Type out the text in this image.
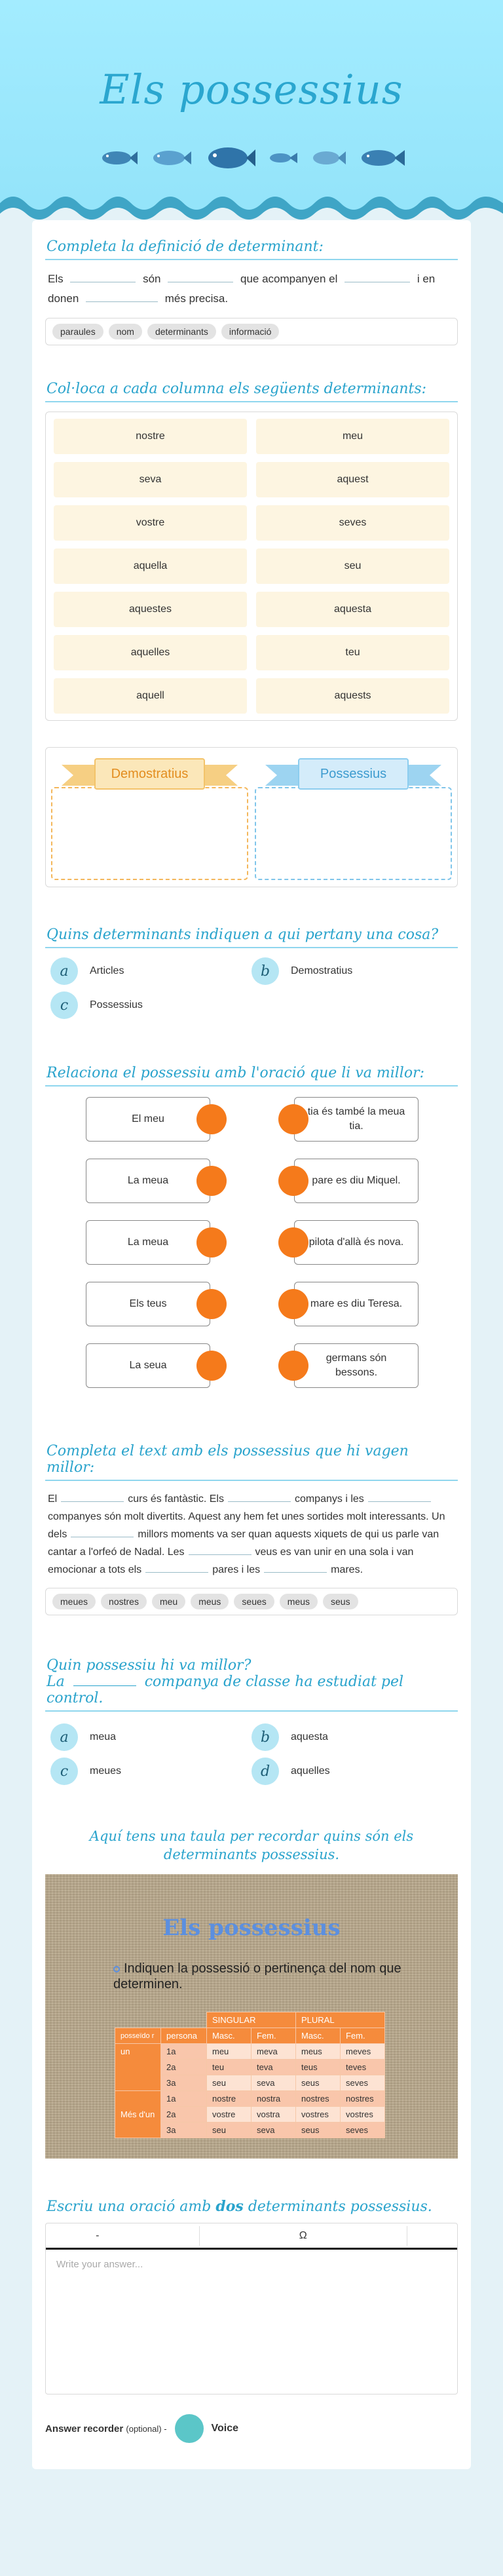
Els possessius
Completa la definició de determinant:
Els	són	que acompanyen el	i en donen	més precisa.
paraules	nom	determinants	informació
Col·loca a cada columna els següents determinants:
nostre	meu
seva	aquest
vostre	seves
aquella	seu
aquestes	aquesta
aquelles	teu
aquell	aquests
Demostratius	Possessius
Quins determinants indiquen a qui pertany una cosa?
a	Articles	b	Demostratius
c	Possessius
Relaciona el possessiu amb l'oració que li va millor:
El meu
La meua
La meua
Els teus
La seua
tia és també la meua tia.
pare es diu Miquel.
pilota d'allà és nova.
mare es diu Teresa.
germans són bessons.
Completa el text amb els possessius que hi vagen millor:
El	curs és fantàstic. Els	companys i lescompanyes són molt divertits. Aquest any hem fet unes sortides molt interessants. Un dels	millors moments va ser quan aquests xiquets de qui us parle van cantar a l'orfeó de Nadal. Les	veus es van unir en una sola i van emocionar a tots els	pares i les	mares.
meues	nostres	meu	meus	seues	meus	seus
Quin possessiu hi va millor?
La	companya de classe ha estudiat pel control.
a	meua	b	aquesta
c	meues	d	aquelles
Aquí tens una taula per recordar quins són els determinants possessius.
Els possessius
Indiquen la possessió o pertinença del nom que determinen.
		SINGULAR		PLURAL	
posseïdo r	persona	Masc.	Fem.	Masc.	Fem.
un	1a	meu	meva	meus	meves
	2a	teu	teva	teus	teves
	3a	seu	seva	seus	seves
Més d'un	1a	nostre	nostra	nostres	nostres
	2a	vostre	vostra	vostres	vostres
	3a	seu	seva	seus	seves
Escriu una oració amb dos determinants possessius.
-	Ω
Write your answer...
Answer recorder (optional) -	Voice
